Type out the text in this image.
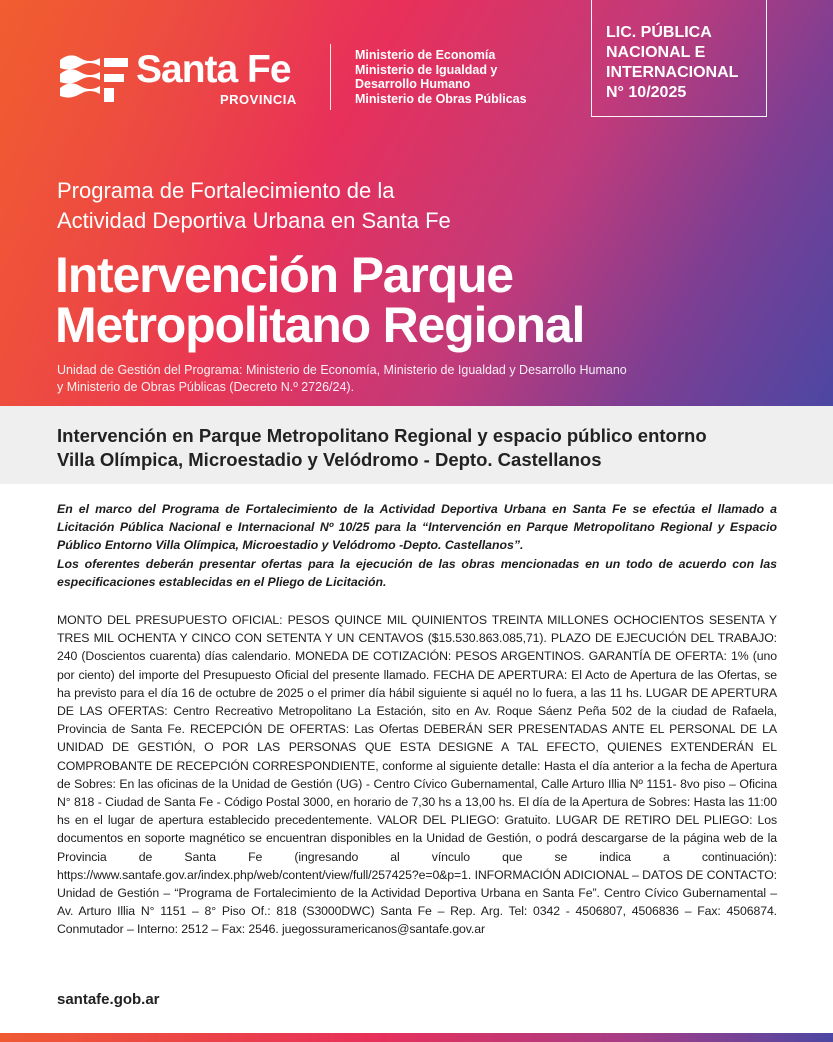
Santa Fe
PROVINCIA
Ministerio de Economía
Ministerio de Igualdad y
Desarrollo Humano
Ministerio de Obras Públicas
LIC. PÚBLICA
NACIONAL E
INTERNACIONAL
N° 10/2025
Programa de Fortalecimiento de la
Actividad Deportiva Urbana en Santa Fe
Intervención Parque
Metropolitano Regional
Unidad de Gestión del Programa: Ministerio de Economía, Ministerio de Igualdad y Desarrollo Humano
y Ministerio de Obras Públicas (Decreto N.º 2726/24).
Intervención en Parque Metropolitano Regional y espacio público entorno
Villa Olímpica, Microestadio y Velódromo - Depto. Castellanos

En el marco del Programa de Fortalecimiento de la Actividad Deportiva Urbana en Santa Fe se efectúa el llamado a Licitación Pública Nacional e Internacional Nº 10/25 para la “Intervención en Parque Metropolitano Regional y Espacio Público Entorno Villa Olímpica, Microestadio y Velódromo -Depto. Castellanos”.

Los oferentes deberán presentar ofertas para la ejecución de las obras mencionadas en un todo de acuerdo con las especificaciones establecidas en el Pliego de Licitación.

MONTO DEL PRESUPUESTO OFICIAL: PESOS QUINCE MIL QUINIENTOS TREINTA MILLONES OCHOCIENTOS SESENTA Y TRES MIL OCHENTA Y CINCO CON SETENTA Y UN CENTAVOS ($15.530.863.085,71). PLAZO DE EJECUCIÓN DEL TRABAJO: 240 (Doscientos cuarenta) días calendario. MONEDA DE COTIZACIÓN: PESOS ARGENTINOS. GARANTÍA DE OFERTA: 1% (uno por ciento) del importe del Presupuesto Oficial del presente llamado. FECHA DE APERTURA: El Acto de Apertura de las Ofertas, se ha previsto para el día 16 de octubre de 2025 o el primer día hábil siguiente si aquél no lo fuera, a las 11 hs. LUGAR DE APERTURA DE LAS OFERTAS: Centro Recreativo Metropolitano La Estación, sito en Av. Roque Sáenz Peña 502 de la ciudad de Rafaela, Provincia de Santa Fe. RECEPCIÓN DE OFERTAS: Las Ofertas DEBERÁN SER PRESENTADAS ANTE EL PERSONAL DE LA UNIDAD DE GESTIÓN, O POR LAS PERSONAS QUE ESTA DESIGNE A TAL EFECTO, QUIENES EXTENDERÁN EL COMPROBANTE DE RECEPCIÓN CORRESPONDIENTE, conforme al siguiente detalle: Hasta el día anterior a la fecha de Apertura de Sobres: En las oficinas de la Unidad de Gestión (UG) - Centro Cívico Gubernamental, Calle Arturo Illia Nº 1151- 8vo piso – Oficina N° 818 - Ciudad de Santa Fe - Código Postal 3000, en horario de 7,30 hs a 13,00 hs. El día de la Apertura de Sobres: Hasta las 11:00 hs en el lugar de apertura establecido precedentemente. VALOR DEL PLIEGO: Gratuito. LUGAR DE RETIRO DEL PLIEGO: Los documentos en soporte magnético se encuentran disponibles en la Unidad de Gestión, o podrá descargarse de la página web de la Provincia de Santa Fe (ingresando al vínculo que se indica a continuación): https://www.santafe.gov.ar/index.php/web/content/view/full/257425?e=0&p=1. INFORMACIÓN ADICIONAL – DATOS DE CONTACTO: Unidad de Gestión – “Programa de Fortalecimiento de la Actividad Deportiva Urbana en Santa Fe”. Centro Cívico Gubernamental – Av. Arturo Illia N° 1151 – 8° Piso Of.: 818 (S3000DWC) Santa Fe – Rep. Arg. Tel: 0342 - 4506807, 4506836 – Fax: 4506874. Conmutador – Interno: 2512 – Fax: 2546. juegossuramericanos@santafe.gov.ar

santafe.gob.ar
